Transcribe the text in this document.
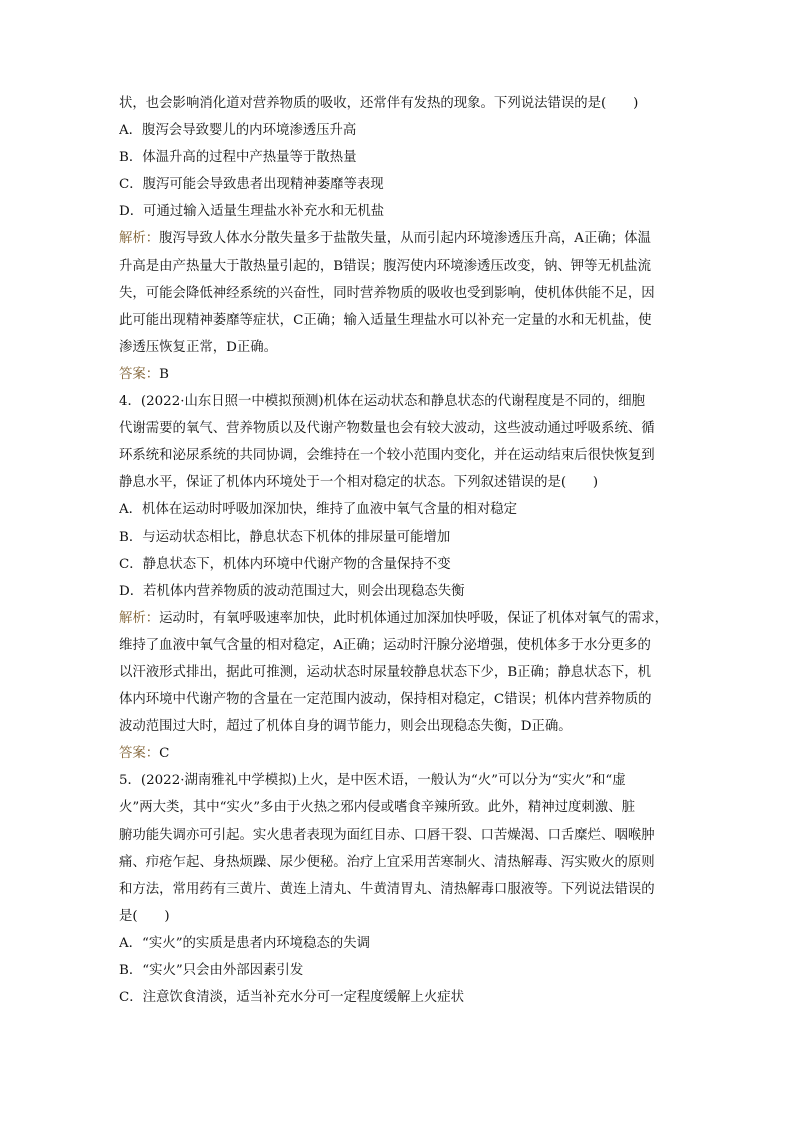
状，也会影响消化道对营养物质的吸收，还常伴有发热的现象。下列说法错误的是(　　)
A．腹泻会导致婴儿的内环境渗透压升高
B．体温升高的过程中产热量等于散热量
C．腹泻可能会导致患者出现精神萎靡等表现
D．可通过输入适量生理盐水补充水和无机盐
解析：腹泻导致人体水分散失量多于盐散失量，从而引起内环境渗透压升高，A正确；体温
升高是由产热量大于散热量引起的，B错误；腹泻使内环境渗透压改变，钠、钾等无机盐流
失，可能会降低神经系统的兴奋性，同时营养物质的吸收也受到影响，使机体供能不足，因
此可能出现精神萎靡等症状，C正确；输入适量生理盐水可以补充一定量的水和无机盐，使
渗透压恢复正常，D正确。
答案：B
4．(2022·山东日照一中模拟预测)机体在运动状态和静息状态的代谢程度是不同的，细胞
代谢需要的氧气、营养物质以及代谢产物数量也会有较大波动，这些波动通过呼吸系统、循
环系统和泌尿系统的共同协调，会维持在一个较小范围内变化，并在运动结束后很快恢复到
静息水平，保证了机体内环境处于一个相对稳定的状态。下列叙述错误的是(　　)
A．机体在运动时呼吸加深加快，维持了血液中氧气含量的相对稳定
B．与运动状态相比，静息状态下机体的排尿量可能增加
C．静息状态下，机体内环境中代谢产物的含量保持不变
D．若机体内营养物质的波动范围过大，则会出现稳态失衡
解析：运动时，有氧呼吸速率加快，此时机体通过加深加快呼吸，保证了机体对氧气的需求，
维持了血液中氧气含量的相对稳定，A正确；运动时汗腺分泌增强，使机体多于水分更多的
以汗液形式排出，据此可推测，运动状态时尿量较静息状态下少，B正确；静息状态下，机
体内环境中代谢产物的含量在一定范围内波动，保持相对稳定，C错误；机体内营养物质的
波动范围过大时，超过了机体自身的调节能力，则会出现稳态失衡，D正确。
答案：C
5．(2022·湖南雅礼中学模拟)上火，是中医术语，一般认为“火”可以分为“实火”和“虚
火”两大类，其中“实火”多由于火热之邪内侵或嗜食辛辣所致。此外，精神过度刺激、脏
腑功能失调亦可引起。实火患者表现为面红目赤、口唇干裂、口苦燥渴、口舌糜烂、咽喉肿
痛、疖疮乍起、身热烦躁、尿少便秘。治疗上宜采用苦寒制火、清热解毒、泻实败火的原则
和方法，常用药有三黄片、黄连上清丸、牛黄清胃丸、清热解毒口服液等。下列说法错误的
是(　　)
A．“实火”的实质是患者内环境稳态的失调
B．“实火”只会由外部因素引发
C．注意饮食清淡，适当补充水分可一定程度缓解上火症状
